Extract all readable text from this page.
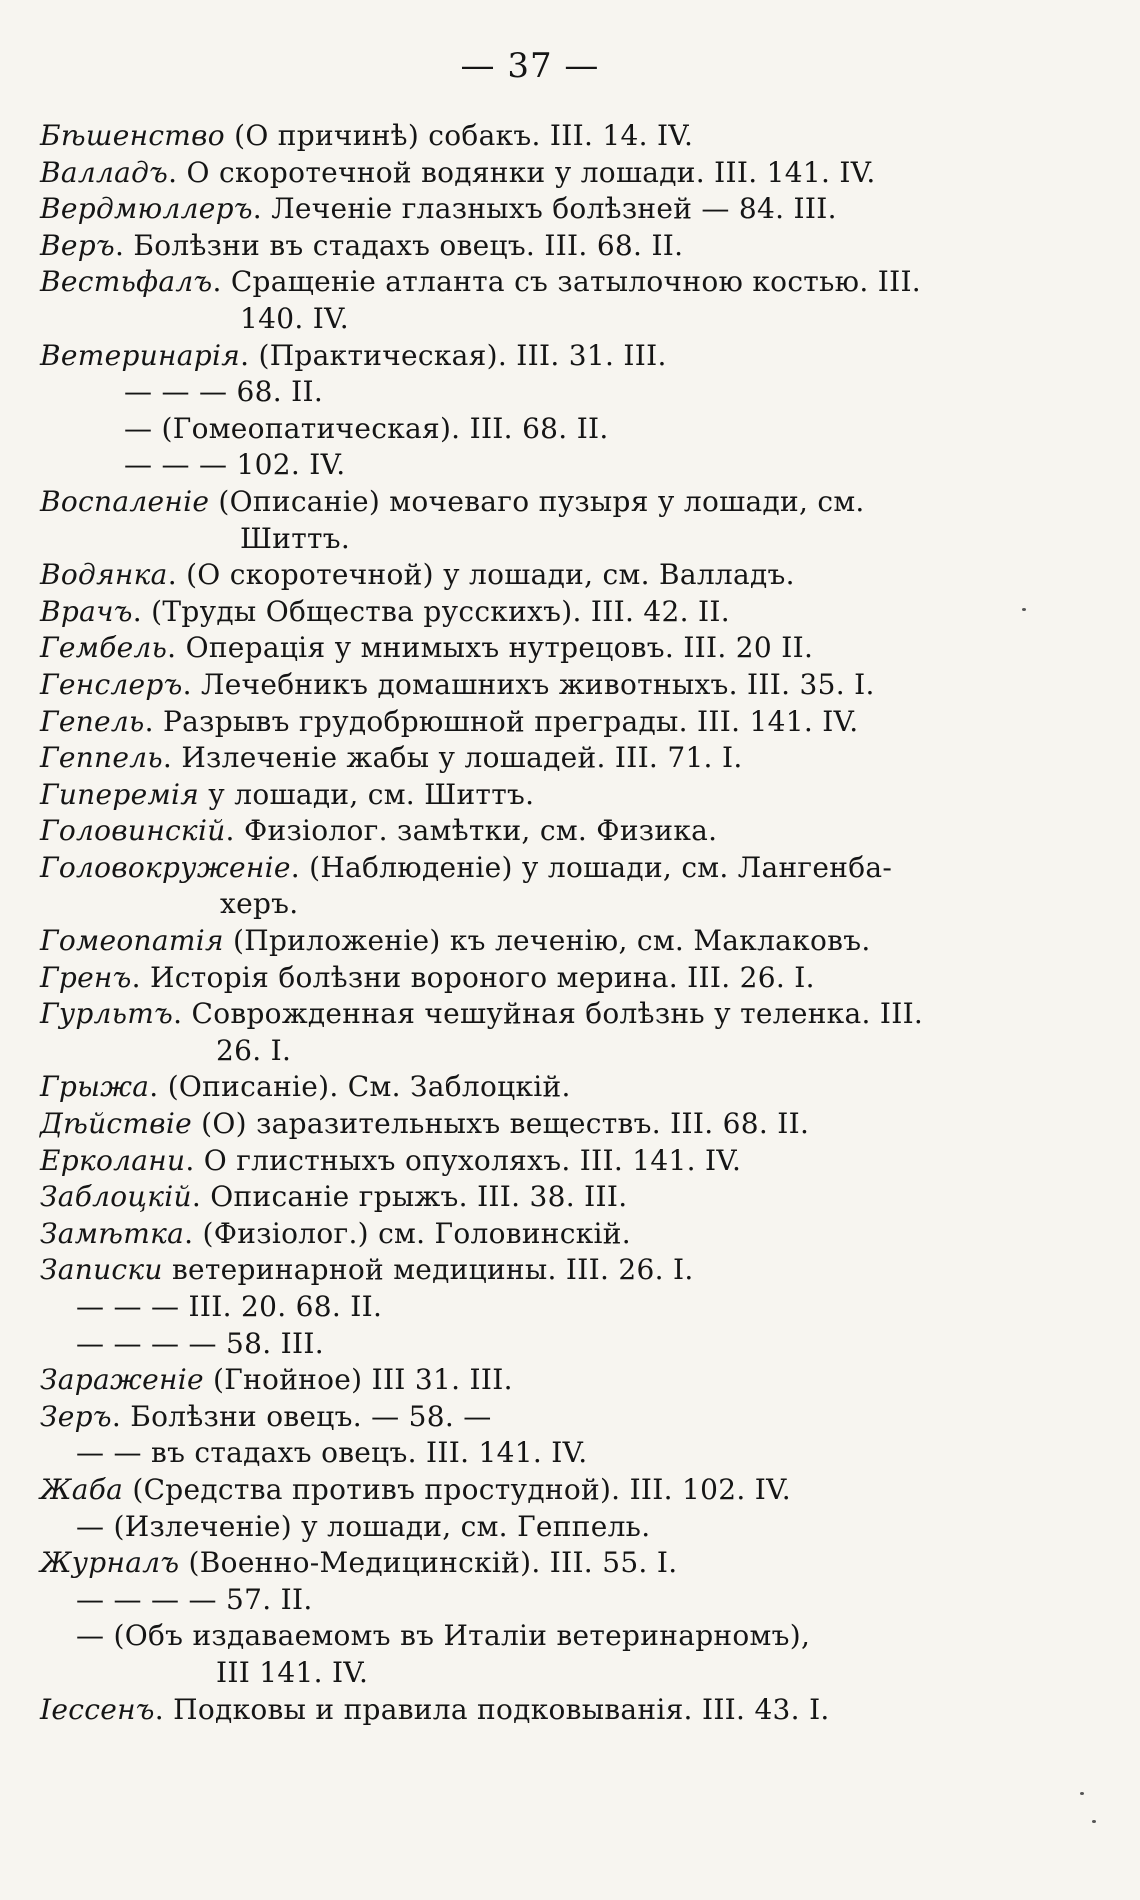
— 37 —
Бѣшенство (О причинѣ) собакъ. III. 14. IV.
Валладъ. О скоротечной водянки у лошади. III. 141. IV.
Вердмюллеръ. Леченіе глазныхъ болѣзней — 84. III.
Веръ. Болѣзни въ стадахъ овецъ. III. 68. II.
Вестьфалъ. Сращеніе атланта съ затылочною костью. III.
140. IV.
Ветеринарія. (Практическая). III. 31. III.
— — — 68. II.
— (Гомеопатическая). III. 68. II.
— — — 102. IV.
Воспаленіе (Описаніе) мочеваго пузыря у лошади, см.
Шиттъ.
Водянка. (О скоротечной) у лошади, см. Валладъ.
Врачъ. (Труды Общества русскихъ). III. 42. II.
Гембель. Операція у мнимыхъ нутрецовъ. III. 20 II.
Генслеръ. Лечебникъ домашнихъ животныхъ. III. 35. I.
Гепель. Разрывъ грудобрюшной преграды. III. 141. IV.
Геппель. Излеченіе жабы у лошадей. III. 71. I.
Гиперемія у лошади, см. Шиттъ.
Головинскій. Физіолог. замѣтки, см. Физика.
Головокруженіе. (Наблюденіе) у лошади, см. Лангенба-
херъ.
Гомеопатія (Приложеніе) къ леченію, см. Маклаковъ.
Гренъ. Исторія болѣзни вороного мерина. III. 26. I.
Гурльтъ. Соврожденная чешуйная болѣзнь у теленка. III.
26. I.
Грыжа. (Описаніе). См. Заблоцкій.
Дѣйствіе (О) заразительныхъ веществъ. III. 68. II.
Ерколани. О глистныхъ опухоляхъ. III. 141. IV.
Заблоцкій. Описаніе грыжъ. III. 38. III.
Замѣтка. (Физіолог.) см. Головинскій.
Записки ветеринарной медицины. III. 26. I.
— — — III. 20. 68. II.
— — — — 58. III.
Зараженіе (Гнойное) III 31. III.
Зеръ. Болѣзни овецъ. — 58. —
— — въ стадахъ овецъ. III. 141. IV.
Жаба (Средства противъ простудной). III. 102. IV.
— (Излеченіе) у лошади, см. Геппель.
Журналъ (Военно-Медицинскій). III. 55. I.
— — — — 57. II.
— (Объ издаваемомъ въ Италіи ветеринарномъ),
III 141. IV.
Іессенъ. Подковы и правила подковыванія. III. 43. I.
